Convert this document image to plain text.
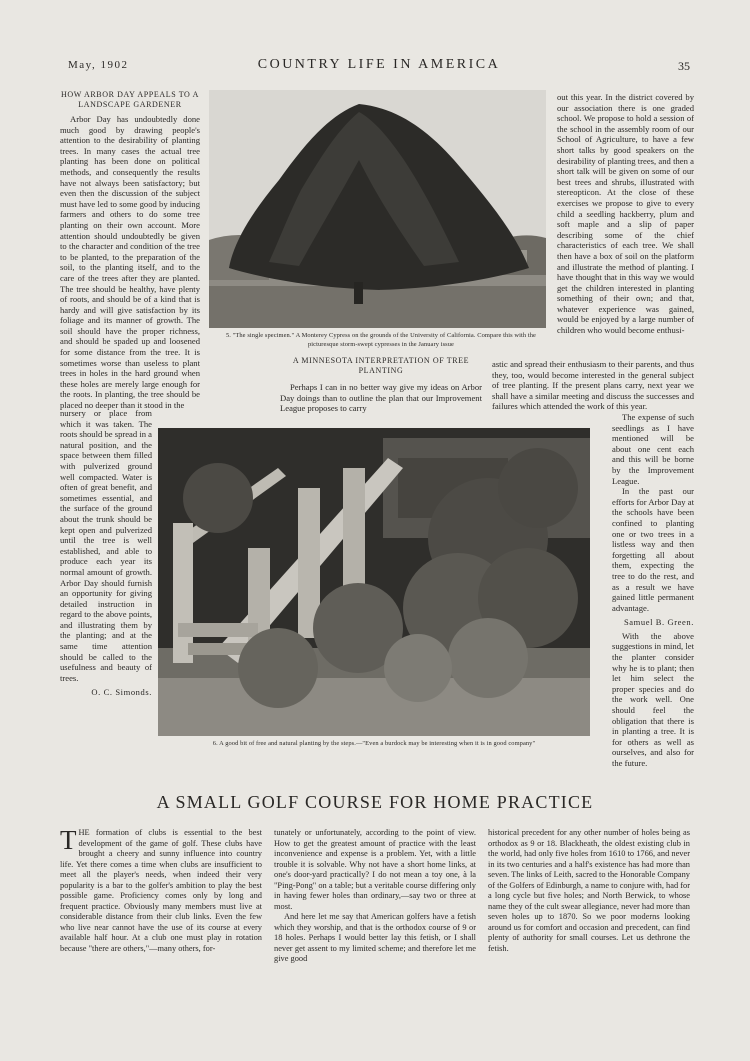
May, 1902	COUNTRY LIFE IN AMERICA	35
HOW ARBOR DAY APPEALS TO A LANDSCAPE GARDENER

Arbor Day has undoubtedly done much good by drawing people's attention to the desirability of planting trees. In many cases the actual tree planting has been done on political methods, and consequently the results have not always been satisfactory; but even then the discussion of the subject must have led to some good by inducing farmers and others to do some tree planting on their own account. More attention should undoubtedly be given to the character and condition of the tree to be planted, to the preparation of the soil, to the planting itself, and to the care of the trees after they are planted. The tree should be healthy, have plenty of roots, and should be of a kind that is hardy and will give satisfaction by its foliage and its manner of growth. The soil should have the proper richness, and should be spaded up and loosened for some distance from the tree. It is sometimes worse than useless to plant trees in holes in the hard ground when these holes are merely large enough for the roots. In planting, the tree should be placed no deeper than it stood in the

nursery or place from which it was taken. The roots should be spread in a natural position, and the space between them filled with pulverized ground well compacted. Water is often of great benefit, and sometimes essential, and the surface of the ground about the trunk should be kept open and pulverized until the tree is well established, and able to produce each year its normal amount of growth. Arbor Day should furnish an opportunity for giving detailed instruction in regard to the above points, and illustrating them by the planting; and at the same time attention should be called to the usefulness and beauty of trees.

O. C. Simonds.
5. "The single specimen." A Monterey Cypress on the grounds of the University of California. Compare this with the picturesque storm-swept cypresses in the January issue
A MINNESOTA INTERPRETATION OF TREE PLANTING

Perhaps I can in no better way give my ideas on Arbor Day doings than to outline the plan that our Improvement League proposes to carry

out this year. In the district covered by our association there is one graded school. We propose to hold a session of the school in the assembly room of our School of Agriculture, to have a few short talks by good speakers on the desirability of planting trees, and then a short talk will be given on some of our best trees and shrubs, illustrated with stereopticon. At the close of these exercises we propose to give to every child a seedling hackberry, plum and soft maple and a slip of paper describing some of the chief characteristics of each tree. We shall then have a box of soil on the platform and illustrate the method of planting. I have thought that in this way we would get the children interested in planting something of their own; and that, whatever experience was gained, would be enjoyed by a large number of children who would become enthusi-

astic and spread their enthusiasm to their parents, and thus they, too, would become interested in the general subject of tree planting. If the present plans carry, next year we shall have a similar meeting and discuss the successes and failures which attended the work of this year.

6. A good bit of free and natural planting by the steps.—"Even a burdock may be interesting when it is in good company"

The expense of such seedlings as I have mentioned will be about one cent each and this will be borne by the Improvement League.

In the past our efforts for Arbor Day at the schools have been confined to planting one or two trees in a listless way and then forgetting all about them, expecting the tree to do the rest, and as a result we have gained little permanent advantage.

Samuel B. Green.

With the above suggestions in mind, let the planter consider why he is to plant; then let him select the proper species and do the work well. One should feel the obligation that there is in planting a tree. It is for others as well as ourselves, and also for the future.

A SMALL GOLF COURSE FOR HOME PRACTICE

THE formation of clubs is essential to the best development of the game of golf. These clubs have brought a cheery and sunny influence into country life. Yet there comes a time when clubs are insufficient to meet all the player's needs, when indeed their very popularity is a bar to the golfer's ambition to play the best possible game. Proficiency comes only by long and frequent practice. Obviously many members must live at considerable distance from their club links. Even the few who live near cannot have the use of its course at every available half hour. At a club one must play in rotation because "there are others,"—many others, for-

tunately or unfortunately, according to the point of view. How to get the greatest amount of practice with the least inconvenience and expense is a problem. Yet, with a little trouble it is solvable. Why not have a short home links, at one's door-yard practically? I do not mean a toy one, à la "Ping-Pong" on a table; but a veritable course differing only in having fewer holes than ordinary,—say two or three at most.

And here let me say that American golfers have a fetish which they worship, and that is the orthodox course of 9 or 18 holes. Perhaps I would better lay this fetish, or I shall never get assent to my limited scheme; and therefore let me give good

historical precedent for any other number of holes being as orthodox as 9 or 18. Blackheath, the oldest existing club in the world, had only five holes from 1610 to 1766, and never in its two centuries and a half's existence has had more than seven. The links of Leith, sacred to the Honorable Company of the Golfers of Edinburgh, a name to conjure with, had for a long cycle but five holes; and North Berwick, to whose name they of the cult swear allegiance, never had more than seven holes up to 1870. So we poor moderns looking around us for comfort and occasion and precedent, can find plenty of authority for small courses. Let us dethrone the fetish.
